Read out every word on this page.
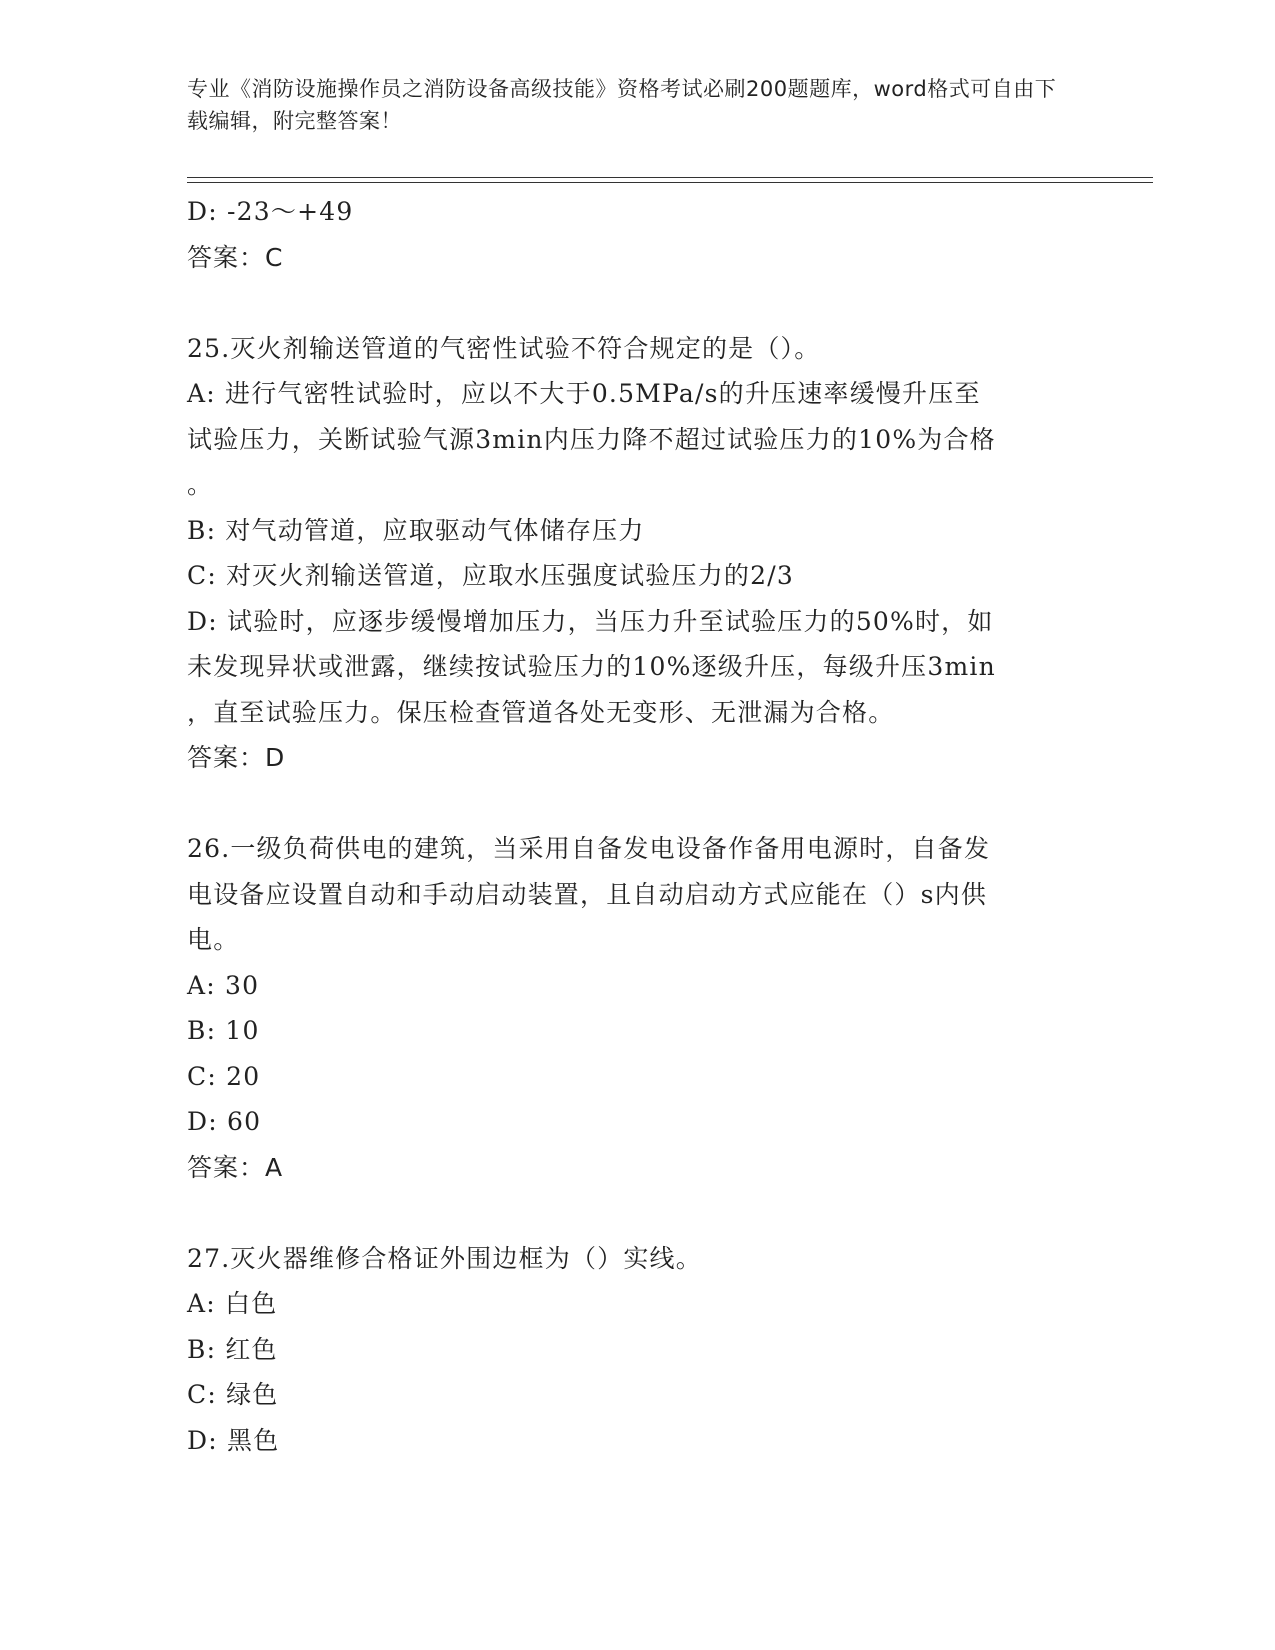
专业《消防设施操作员之消防设备高级技能》资格考试必刷200题题库，word格式可自由下载编辑，附完整答案！
D: -23～+49
答案：C
25.灭火剂输送管道的气密性试验不符合规定的是（）。
A: 进行气密牲试验时，应以不大于0.5MPa/s的升压速率缓慢升压至
试验压力，关断试验气源3min内压力降不超过试验压力的10%为合格
。
B: 对气动管道，应取驱动气体储存压力
C: 对灭火剂输送管道，应取水压强度试验压力的2/3
D: 试验时，应逐步缓慢增加压力，当压力升至试验压力的50%时，如
未发现异状或泄露，继续按试验压力的10%逐级升压，每级升压3min
，直至试验压力。保压检查管道各处无变形、无泄漏为合格。
答案：D
26.一级负荷供电的建筑，当采用自备发电设备作备用电源时，自备发
电设备应设置自动和手动启动装置，且自动启动方式应能在（）s内供
电。
A: 30
B: 10
C: 20
D: 60
答案：A
27.灭火器维修合格证外围边框为（）实线。
A: 白色
B: 红色
C: 绿色
D: 黑色
